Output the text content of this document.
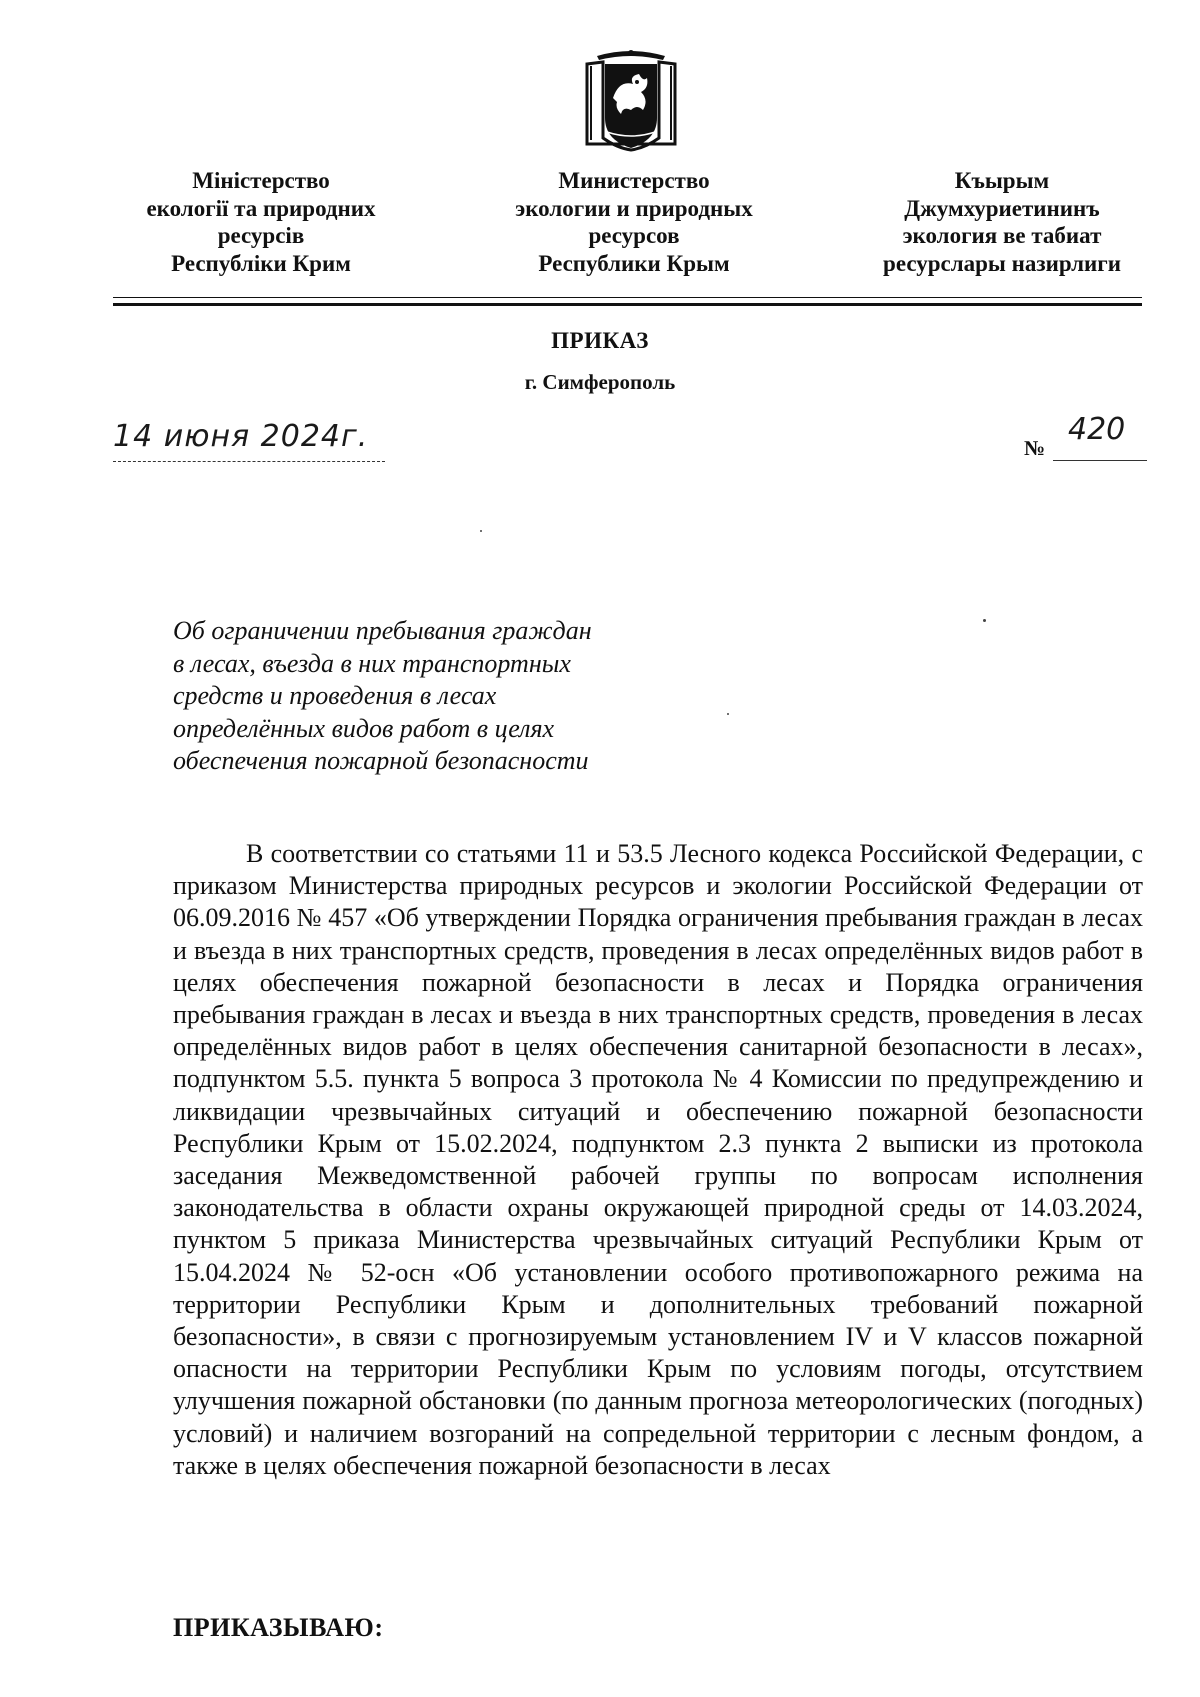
Міністерство
екології та природних
ресурсів
Республіки Крим
Министерство
экологии и природных
ресурсов
Республики Крым
Къырым
Джумхуриетининъ
экология ве табиат
ресурслары назирлиги
ПРИКАЗ
г. Симферополь
14 июня 2024г.	№
420
Об ограничении пребывания граждан
в лесах, въезда в них транспортных
средств и проведения в лесах
определённых видов работ в целях
обеспечения пожарной безопасности

В соответствии со статьями 11 и 53.5 Лесного кодекса Российской Федерации, с приказом Министерства природных ресурсов и экологии Российской Федерации от 06.09.2016 № 457 «Об утверждении Порядка ограничения пребывания граждан в лесах и въезда в них транспортных средств, проведения в лесах определённых видов работ в целях обеспечения пожарной безопасности в лесах и Порядка ограничения пребывания граждан в лесах и въезда в них транспортных средств, проведения в лесах определённых видов работ в целях обеспечения санитарной безопасности в лесах», подпунктом 5.5. пункта 5 вопроса 3 протокола № 4 Комиссии по предупреждению и ликвидации чрезвычайных ситуаций и обеспечению пожарной безопасности Республики Крым от 15.02.2024, подпунктом 2.3 пункта 2 выписки из протокола заседания Межведомственной рабочей группы по вопросам исполнения законодательства в области охраны окружающей природной среды от 14.03.2024, пунктом 5 приказа Министерства чрезвычайных ситуаций Республики Крым от 15.04.2024 № 52-осн «Об установлении особого противопожарного режима на территории Республики Крым и дополнительных требований пожарной безопасности», в связи с прогнозируемым установлением IV и V классов пожарной опасности на территории Республики Крым по условиям погоды, отсутствием улучшения пожарной обстановки (по данным прогноза метеорологических (погодных) условий) и наличием возгораний на сопредельной территории с лесным фондом, а также в целях обеспечения пожарной безопасности в лесах

ПРИКАЗЫВАЮ:
